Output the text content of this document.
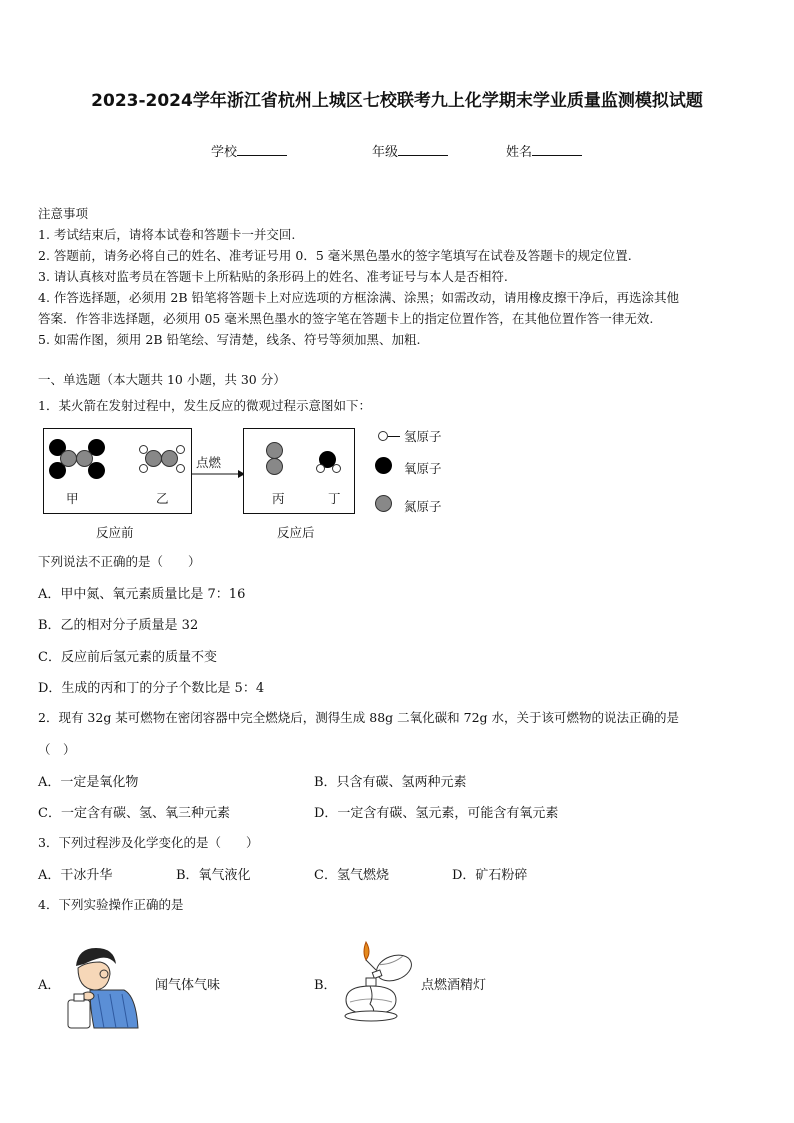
2023-2024学年浙江省杭州上城区七校联考九上化学期末学业质量监测模拟试题
学校	年级	姓名
注意事项
1. 考试结束后，请将本试卷和答题卡一并交回.
2. 答题前，请务必将自己的姓名、准考证号用 0．5 毫米黑色墨水的签字笔填写在试卷及答题卡的规定位置.
3. 请认真核对监考员在答题卡上所粘贴的条形码上的姓名、准考证号与本人是否相符.
4. 作答选择题，必须用 2B 铅笔将答题卡上对应选项的方框涂满、涂黑；如需改动，请用橡皮擦干净后，再选涂其他
答案．作答非选择题，必须用 05 毫米黑色墨水的签字笔在答题卡上的指定位置作答，在其他位置作答一律无效.
5. 如需作图，须用 2B 铅笔绘、写清楚，线条、符号等须加黑、加粗.
一、单选题（本大题共 10 小题，共 30 分）
1．某火箭在发射过程中，发生反应的微观过程示意图如下：
甲	乙
点燃
丙	丁
反应前	反应后
氢原子
氧原子
氮原子
下列说法不正确的是（　　）
A．甲中氮、氧元素质量比是 7：16
B．乙的相对分子质量是 32
C．反应前后氢元素的质量不变
D．生成的丙和丁的分子个数比是 5：4
2．现有 32g 某可燃物在密闭容器中完全燃烧后，测得生成 88g 二氧化碳和 72g 水，关于该可燃物的说法正确的是
（　）
A．一定是氧化物	B．只含有碳、氢两种元素
C．一定含有碳、氢、氧三种元素	D．一定含有碳、氢元素，可能含有氧元素
3．下列过程涉及化学变化的是（　　）
A．干冰升华	B．氧气液化	C．氢气燃烧	D．矿石粉碎
4．下列实验操作正确的是
A．	闻气体气味	B．	点燃酒精灯
